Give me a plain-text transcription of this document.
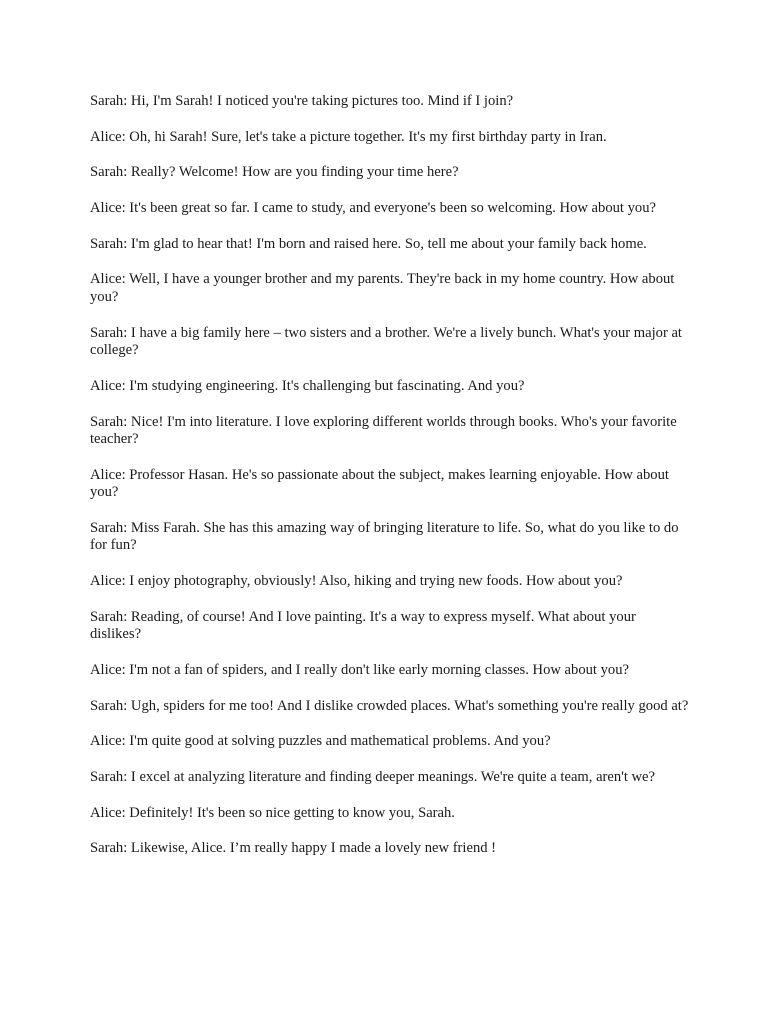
Sarah: Hi, I'm Sarah! I noticed you're taking pictures too. Mind if I join?

Alice: Oh, hi Sarah! Sure, let's take a picture together. It's my first birthday party in Iran.

Sarah: Really? Welcome! How are you finding your time here?

Alice: It's been great so far. I came to study, and everyone's been so welcoming. How about you?

Sarah: I'm glad to hear that! I'm born and raised here. So, tell me about your family back home.

Alice: Well, I have a younger brother and my parents. They're back in my home country. How about you?

Sarah: I have a big family here – two sisters and a brother. We're a lively bunch. What's your major at college?

Alice: I'm studying engineering. It's challenging but fascinating. And you?

Sarah: Nice! I'm into literature. I love exploring different worlds through books. Who's your favorite teacher?

Alice: Professor Hasan. He's so passionate about the subject, makes learning enjoyable. How about you?

Sarah: Miss Farah. She has this amazing way of bringing literature to life. So, what do you like to do for fun?

Alice: I enjoy photography, obviously! Also, hiking and trying new foods. How about you?

Sarah: Reading, of course! And I love painting. It's a way to express myself. What about your dislikes?

Alice: I'm not a fan of spiders, and I really don't like early morning classes. How about you?

Sarah: Ugh, spiders for me too! And I dislike crowded places. What's something you're really good at?

Alice: I'm quite good at solving puzzles and mathematical problems. And you?

Sarah: I excel at analyzing literature and finding deeper meanings. We're quite a team, aren't we?

Alice: Definitely! It's been so nice getting to know you, Sarah.

Sarah: Likewise, Alice. I’m really happy I made a lovely new friend !
